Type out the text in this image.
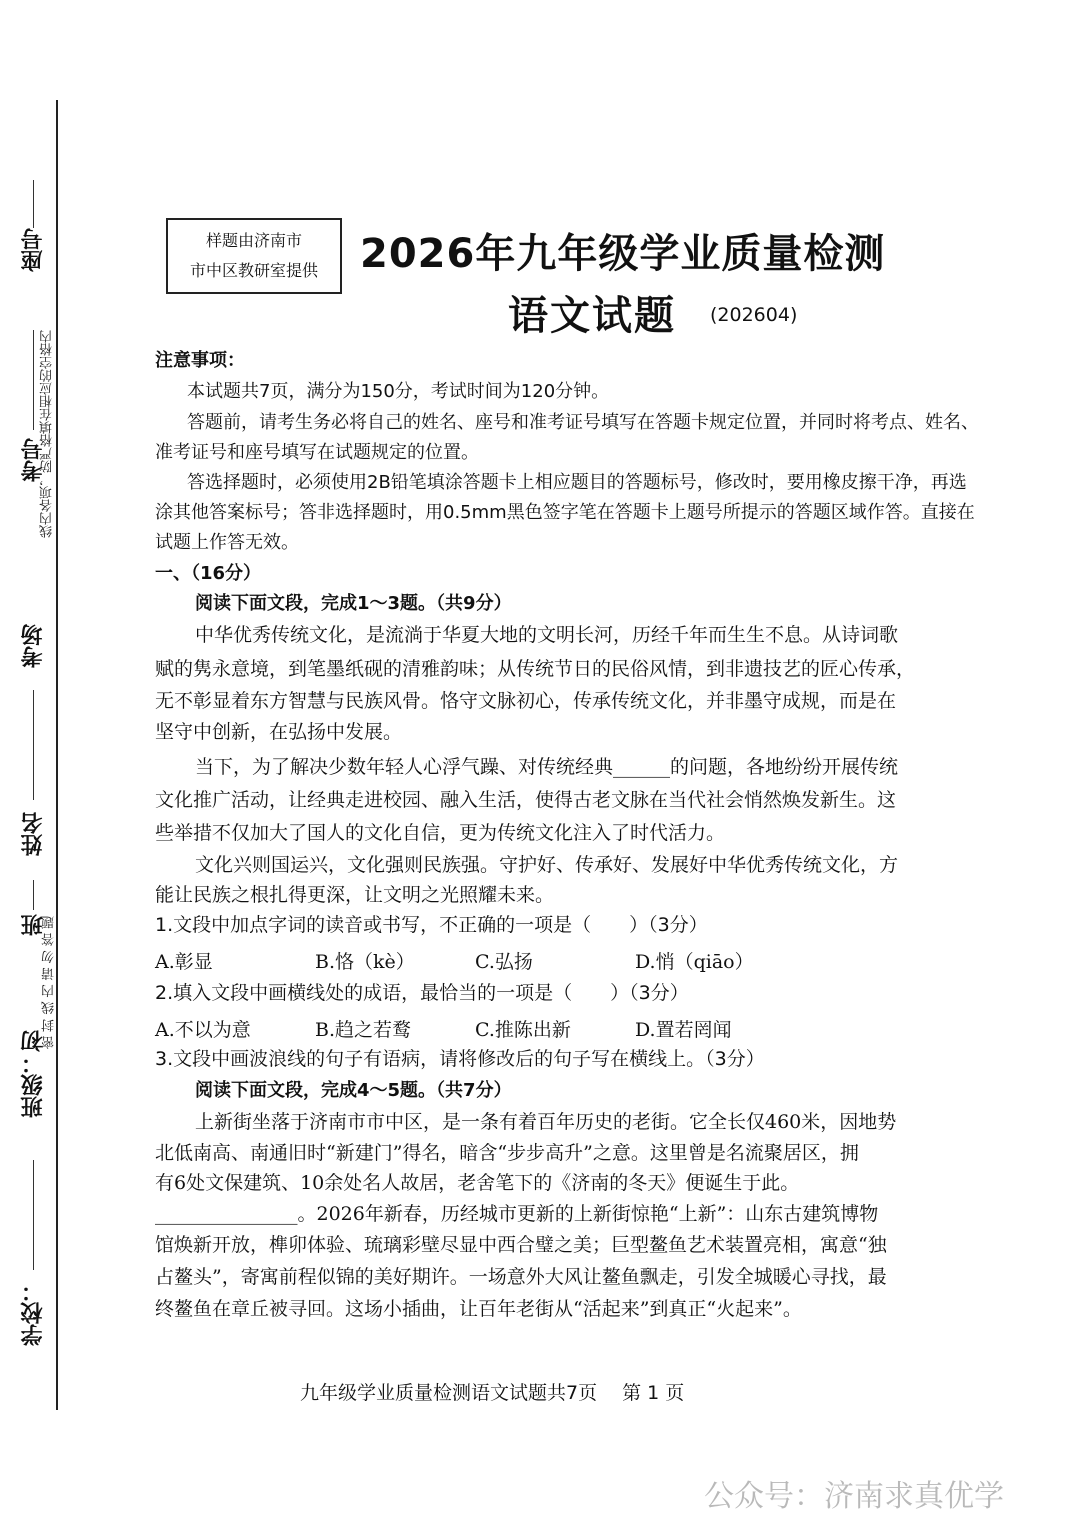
座号
线内各项，防严格填在相应的空格内
考号
考场
姓名
班
班级：初
密 封 线 内 请 勿 答 题
学校：
样题由济南市
市中区教研室提供 2026年九年级学业质量检测
语文试题 (202604)
注意事项：
本试题共7页，满分为150分，考试时间为120分钟。
答题前，请考生务必将自己的姓名、座号和准考证号填写在答题卡规定位置，并同时将考点、姓名、
准考证号和座号填写在试题规定的位置。
答选择题时，必须使用2B铅笔填涂答题卡上相应题目的答题标号，修改时，要用橡皮擦干净，再选
涂其他答案标号；答非选择题时，用0.5mm黑色签字笔在答题卡上题号所提示的答题区域作答。直接在
试题上作答无效。
一、（16分）
阅读下面文段，完成1～3题。（共9分）
中华优秀传统文化，是流淌于华夏大地的文明长河，历经千年而生生不息。从诗词歌
赋的隽永意境，到笔墨纸砚的清雅韵味；从传统节日的民俗风情，到非遗技艺的匠心传承，
无不彰显着东方智慧与民族风骨。恪守文脉初心，传承传统文化，并非墨守成规，而是在
坚守中创新，在弘扬中发展。
当下，为了解决少数年轻人心浮气躁、对传统经典______的问题，各地纷纷开展传统
文化推广活动，让经典走进校园、融入生活，使得古老文脉在当代社会悄然焕发新生。这
些举措不仅加大了国人的文化自信，更为传统文化注入了时代活力。
文化兴则国运兴，文化强则民族强。守护好、传承好、发展好中华优秀传统文化，方
能让民族之根扎得更深，让文明之光照耀未来。
1.文段中加点字词的读音或书写，不正确的一项是（　　）（3分）
A.彰显	B.恪（kè）	C.弘扬	D.悄（qiāo）
2.填入文段中画横线处的成语，最恰当的一项是（　　）（3分）
A.不以为意	B.趋之若鹜	C.推陈出新	D.置若罔闻
3.文段中画波浪线的句子有语病，请将修改后的句子写在横线上。（3分）
阅读下面文段，完成4～5题。（共7分）
上新街坐落于济南市市中区，是一条有着百年历史的老街。它全长仅460米，因地势
北低南高、南通旧时“新建门”得名，暗含“步步高升”之意。这里曾是名流聚居区，拥
有6处文保建筑、10余处名人故居，老舍笔下的《济南的冬天》便诞生于此。
_______________。2026年新春，历经城市更新的上新街惊艳“上新”：山东古建筑博物
馆焕新开放，榫卯体验、琉璃彩壁尽显中西合璧之美；巨型鳌鱼艺术装置亮相，寓意“独
占鳌头”，寄寓前程似锦的美好期许。一场意外大风让鳌鱼飘走，引发全城暖心寻找，最
终鳌鱼在章丘被寻回。这场小插曲，让百年老街从“活起来”到真正“火起来”。
九年级学业质量检测语文试题共7页　 第 1 页
公众号：济南求真优学
